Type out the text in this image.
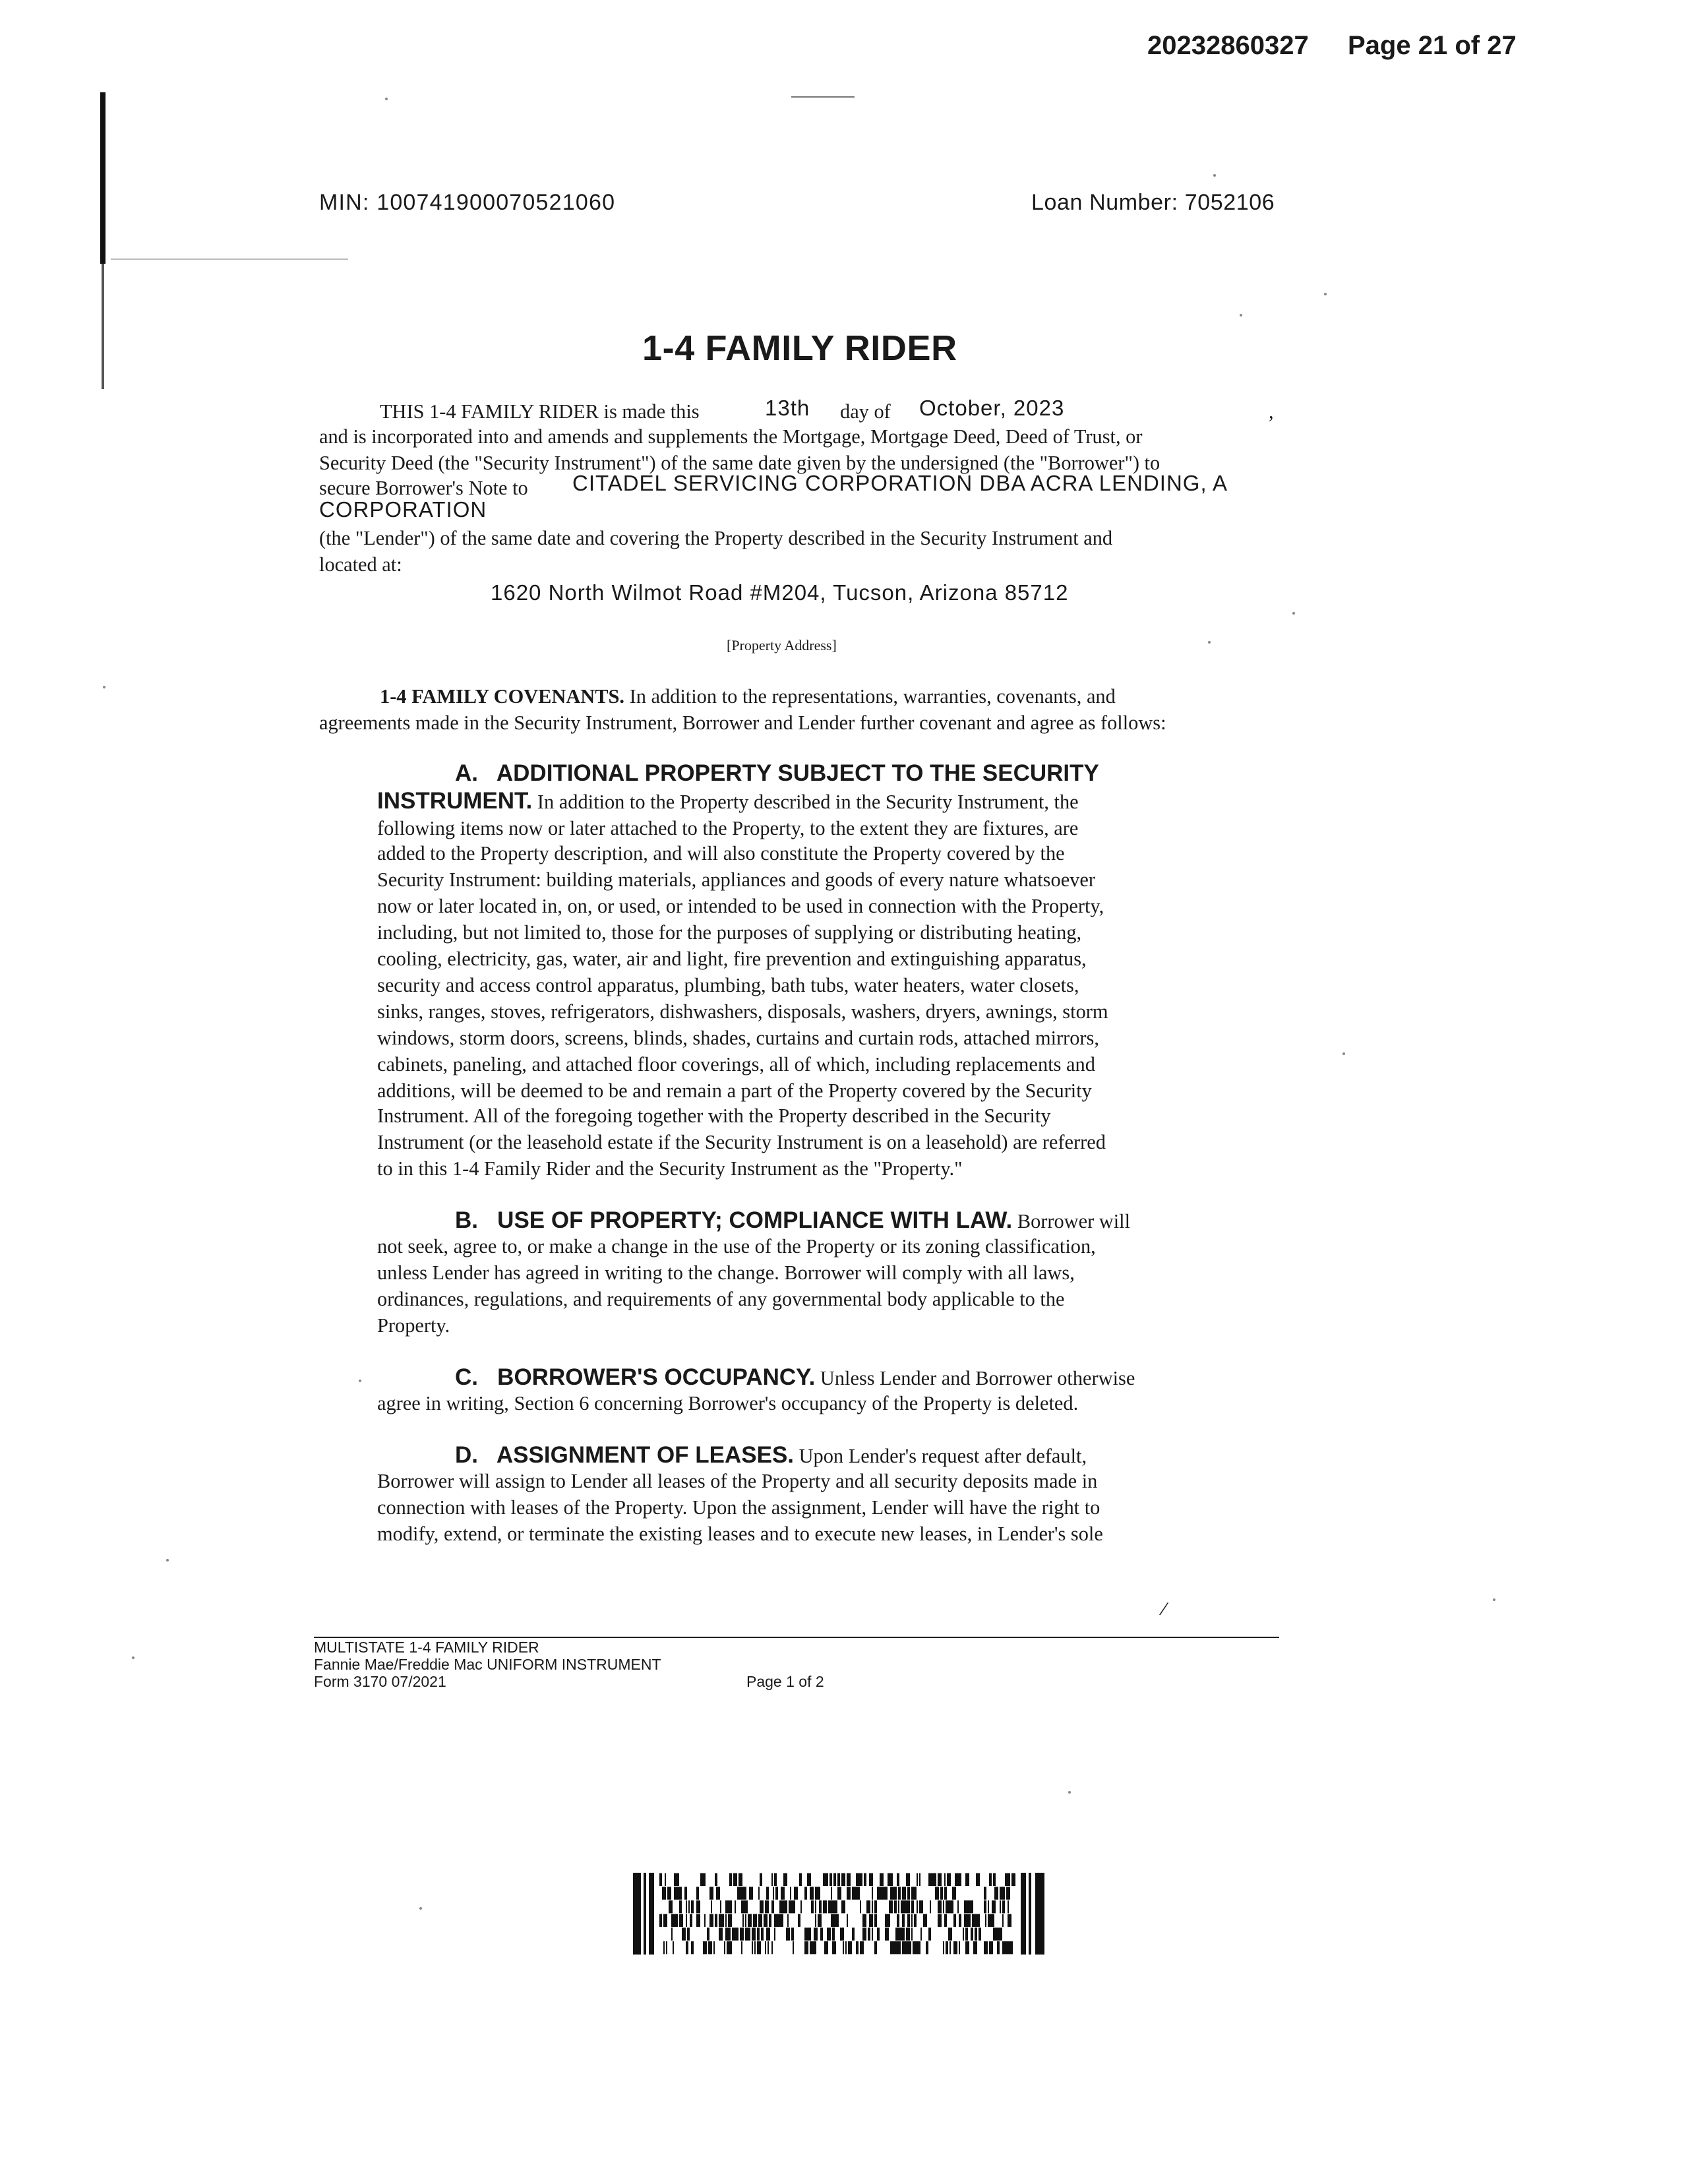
20232860327	Page 21 of 27
MIN: 100741900070521060	Loan Number: 7052106
1-4 FAMILY RIDER
THIS 1-4 FAMILY RIDER is made this	13th	day of	October, 2023	,
and is incorporated into and amends and supplements the Mortgage, Mortgage Deed, Deed of Trust, or
Security Deed (the "Security Instrument") of the same date given by the undersigned (the "Borrower") to
secure Borrower's Note to	CITADEL SERVICING CORPORATION DBA ACRA LENDING, A
CORPORATION
(the "Lender") of the same date and covering the Property described in the Security Instrument and
located at:
1620 North Wilmot Road #M204, Tucson, Arizona 85712
[Property Address]
1-4 FAMILY COVENANTS. In addition to the representations, warranties, covenants, and
agreements made in the Security Instrument, Borrower and Lender further covenant and agree as follows:
A.   ADDITIONAL PROPERTY SUBJECT TO THE SECURITY
INSTRUMENT. In addition to the Property described in the Security Instrument, the
following items now or later attached to the Property, to the extent they are fixtures, are
added to the Property description, and will also constitute the Property covered by the
Security Instrument: building materials, appliances and goods of every nature whatsoever
now or later located in, on, or used, or intended to be used in connection with the Property,
including, but not limited to, those for the purposes of supplying or distributing heating,
cooling, electricity, gas, water, air and light, fire prevention and extinguishing apparatus,
security and access control apparatus, plumbing, bath tubs, water heaters, water closets,
sinks, ranges, stoves, refrigerators, dishwashers, disposals, washers, dryers, awnings, storm
windows, storm doors, screens, blinds, shades, curtains and curtain rods, attached mirrors,
cabinets, paneling, and attached floor coverings, all of which, including replacements and
additions, will be deemed to be and remain a part of the Property covered by the Security
Instrument. All of the foregoing together with the Property described in the Security
Instrument (or the leasehold estate if the Security Instrument is on a leasehold) are referred
to in this 1-4 Family Rider and the Security Instrument as the "Property."
B.   USE OF PROPERTY; COMPLIANCE WITH LAW. Borrower will
not seek, agree to, or make a change in the use of the Property or its zoning classification,
unless Lender has agreed in writing to the change. Borrower will comply with all laws,
ordinances, regulations, and requirements of any governmental body applicable to the
Property.
C.   BORROWER'S OCCUPANCY. Unless Lender and Borrower otherwise
agree in writing, Section 6 concerning Borrower's occupancy of the Property is deleted.
D.   ASSIGNMENT OF LEASES. Upon Lender's request after default,
Borrower will assign to Lender all leases of the Property and all security deposits made in
connection with leases of the Property. Upon the assignment, Lender will have the right to
modify, extend, or terminate the existing leases and to execute new leases, in Lender's sole
/
MULTISTATE 1-4 FAMILY RIDER
Fannie Mae/Freddie Mac UNIFORM INSTRUMENT
Form 3170 07/2021	Page 1 of 2
